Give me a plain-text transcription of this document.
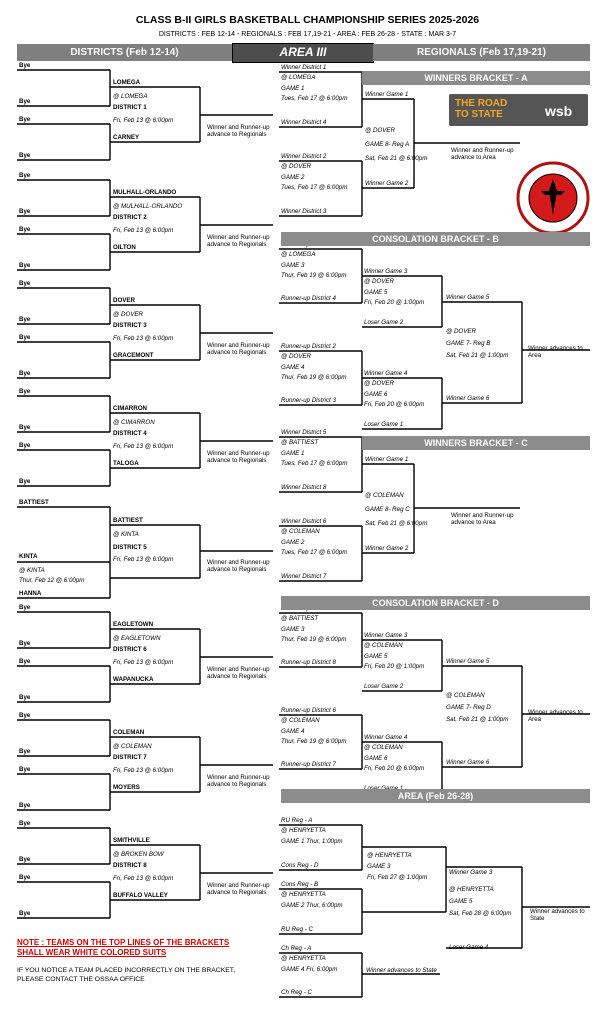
CLASS B-II GIRLS BASKETBALL CHAMPIONSHIP SERIES 2025-2026
DISTRICTS : FEB 12-14 - REGIONALS : FEB 17,19-21 - AREA : FEB 26-28 - STATE : MAR 3-7
DISTRICTS (Feb 12-14)	AREA III	REGIONALS (Feb 17,19-21)
Bye
Bye
Bye
Bye
LOMEGA
@ LOMEGA
DISTRICT 1
Fri, Feb 13 @ 6:00pm
CARNEY
Winner and Runner-up
advance to Regionals
Bye
Bye
Bye
Bye
MULHALL-ORLANDO
@ MULHALL-ORLANDO
DISTRICT 2
Fri, Feb 13 @ 6:00pm
OILTON
Winner and Runner-up
advance to Regionals
Bye
Bye
Bye
Bye
DOVER
@ DOVER
DISTRICT 3
Fri, Feb 13 @ 6:00pm
GRACEMONT
Winner and Runner-up
advance to Regionals
Bye
Bye
Bye
Bye
CIMARRON
@ CIMARRON
DISTRICT 4
Fri, Feb 13 @ 6:00pm
TALOGA
Winner and Runner-up
advance to Regionals
Bye
Bye
Bye
Bye
EAGLETOWN
@ EAGLETOWN
DISTRICT 6
Fri, Feb 13 @ 6:00pm
WAPANUCKA
Winner and Runner-up
advance to Regionals
Bye
Bye
Bye
Bye
COLEMAN
@ COLEMAN
DISTRICT 7
Fri, Feb 13 @ 6:00pm
MOYERS
Winner and Runner-up
advance to Regionals
Bye
Bye
Bye
Bye
SMITHVILLE
@ BROKEN BOW
DISTRICT 8
Fri, Feb 13 @ 6:00pm
BUFFALO VALLEY
Winner and Runner-up
advance to Regionals
BATTIEST
KINTA
@ KINTA
Thur, Feb 12 @ 6:00pm
HANNA
BATTIEST
@ KINTA
DISTRICT 5
Fri, Feb 13 @ 6:00pm	Winner and Runner-up
advance to Regionals
Winner District 1
@ LOMEGA
GAME 1
Tues, Feb 17 @ 6:00pm
Winner District 4
Winner District 2
@ DOVER
GAME 2
Tues, Feb 17 @ 6:00pm
Winner District 3
Winner Game 1
Winner Game 2
@ DOVER
GAME 8- Reg A
Sat, Feb 21 @ 6:00pm
Winner and Runner-up
advance to Area
@ LOMEGA
GAME 3
Thur, Feb 19 @ 6:00pm
Runner-up District 4
Runner-up District 2
@ DOVER
GAME 4
Thur, Feb 19 @ 6:00pm
Runner-up District 3
Winner Game 3
@ DOVER
GAME 5
Fri, Feb 20 @ 1:00pm
Loser Game 2
Winner Game 4
@ DOVER
GAME 6
Fri, Feb 20 @ 6:00pm
Loser Game 1
Winner Game 5
Winner Game 6
@ DOVER
GAME 7- Reg B
Sat, Feb 21 @ 1:00pm
Winner advances to
Area
Winner District 5
@ BATTIEST
GAME 1
Tues, Feb 17 @ 6:00pm
Winner District 8
Winner District 6
@ COLEMAN
GAME 2
Tues, Feb 17 @ 6:00pm
Winner District 7
Winner Game 1
Winner Game 2
@ COLEMAN
GAME 8- Reg C
Sat, Feb 21 @ 6:00pm
Winner and Runner-up
advance to Area
@ BATTIEST
GAME 3
Thur, Feb 19 @ 6:00pm
Runner-up District 8
Runner-up District 6
@ COLEMAN
GAME 4
Thur, Feb 19 @ 6:00pm
Runner-up District 7
Winner Game 3
@ COLEMAN
GAME 5
Fri, Feb 20 @ 1:00pm
Loser Game 2
Winner Game 4
@ COLEMAN
GAME 6
Fri, Feb 20 @ 6:00pm
Winner Game 5
Winner Game 6
@ COLEMAN
GAME 7- Reg D
Sat, Feb 21 @ 1:00pm
Winner advances to
Area
RU Reg - A
@ HENRYETTA
GAME 1 Thur, 1:00pm
Cons Reg - D
Cons Reg - B
@ HENRYETTA
GAME 2 Thur, 6:00pm
RU Reg - C
@ HENRYETTA
GAME 3
Fri, Feb 27 @ 1:00pm
Winner Game 3
Loser Game 4
@ HENRYETTA
GAME 5
Sat, Feb 28 @ 6:00pm	Winner advances to
State
Ch Reg - A
@ HENRYETTA
GAME 4 Fri, 6:00pm
Ch Reg - C
Winner advances to State
THE ROAD
TO STATE	wsb
NOTE : TEAMS ON THE TOP LINES OF THE BRACKETS
SHALL WEAR WHITE COLORED SUITS
IF YOU NOTICE A TEAM PLACED INCORRECTLY ON THE BRACKET,
PLEASE CONTACT THE OSSAA OFFICE
WINNERS BRACKET - A
CONSOLATION BRACKET - B
WINNERS BRACKET - C
CONSOLATION BRACKET - D
AREA (Feb 26-28)
